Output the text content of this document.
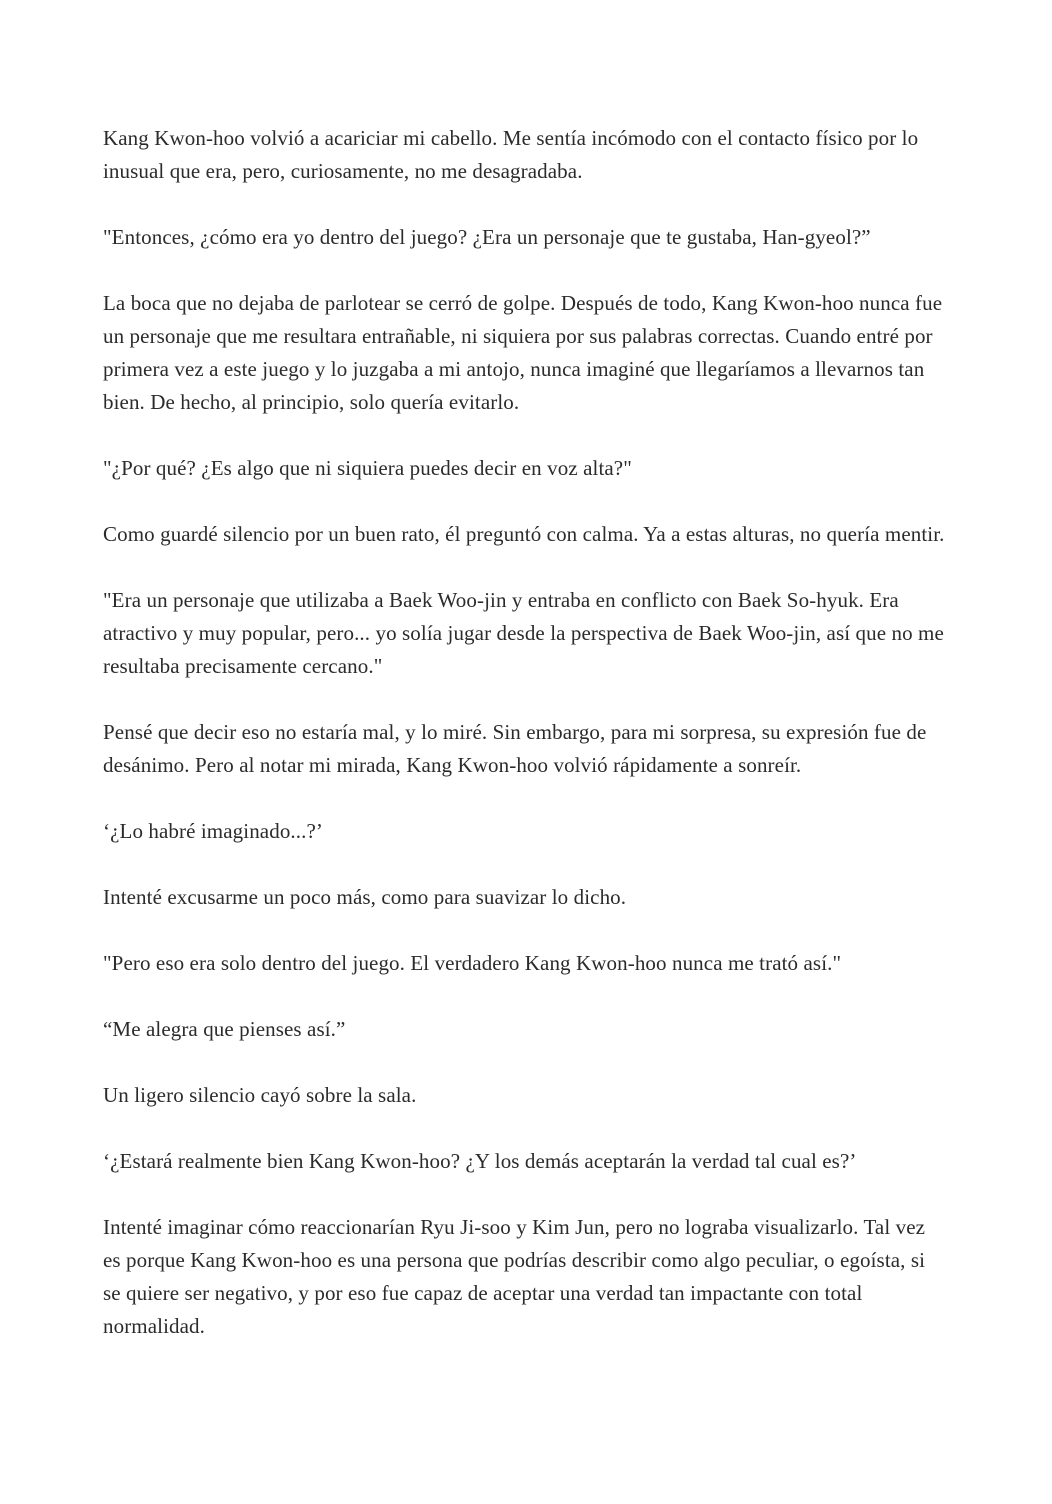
Kang Kwon-hoo volvió a acariciar mi cabello. Me sentía incómodo con el contacto físico por lo inusual que era, pero, curiosamente, no me desagradaba.

"Entonces, ¿cómo era yo dentro del juego? ¿Era un personaje que te gustaba, Han-gyeol?”

La boca que no dejaba de parlotear se cerró de golpe. Después de todo, Kang Kwon-hoo nunca fue un personaje que me resultara entrañable, ni siquiera por sus palabras correctas. Cuando entré por primera vez a este juego y lo juzgaba a mi antojo, nunca imaginé que llegaríamos a llevarnos tan bien. De hecho, al principio, solo quería evitarlo.

"¿Por qué? ¿Es algo que ni siquiera puedes decir en voz alta?"

Como guardé silencio por un buen rato, él preguntó con calma. Ya a estas alturas, no quería mentir.

"Era un personaje que utilizaba a Baek Woo-jin y entraba en conflicto con Baek So-hyuk. Era atractivo y muy popular, pero... yo solía jugar desde la perspectiva de Baek Woo-jin, así que no me resultaba precisamente cercano."

Pensé que decir eso no estaría mal, y lo miré. Sin embargo, para mi sorpresa, su expresión fue de desánimo. Pero al notar mi mirada, Kang Kwon-hoo volvió rápidamente a sonreír.

‘¿Lo habré imaginado...?’

Intenté excusarme un poco más, como para suavizar lo dicho.

"Pero eso era solo dentro del juego. El verdadero Kang Kwon-hoo nunca me trató así."

“Me alegra que pienses así.”

Un ligero silencio cayó sobre la sala.

‘¿Estará realmente bien Kang Kwon-hoo? ¿Y los demás aceptarán la verdad tal cual es?’

Intenté imaginar cómo reaccionarían Ryu Ji-soo y Kim Jun, pero no lograba visualizarlo. Tal vez es porque Kang Kwon-hoo es una persona que podrías describir como algo peculiar, o egoísta, si se quiere ser negativo, y por eso fue capaz de aceptar una verdad tan impactante con total normalidad.
